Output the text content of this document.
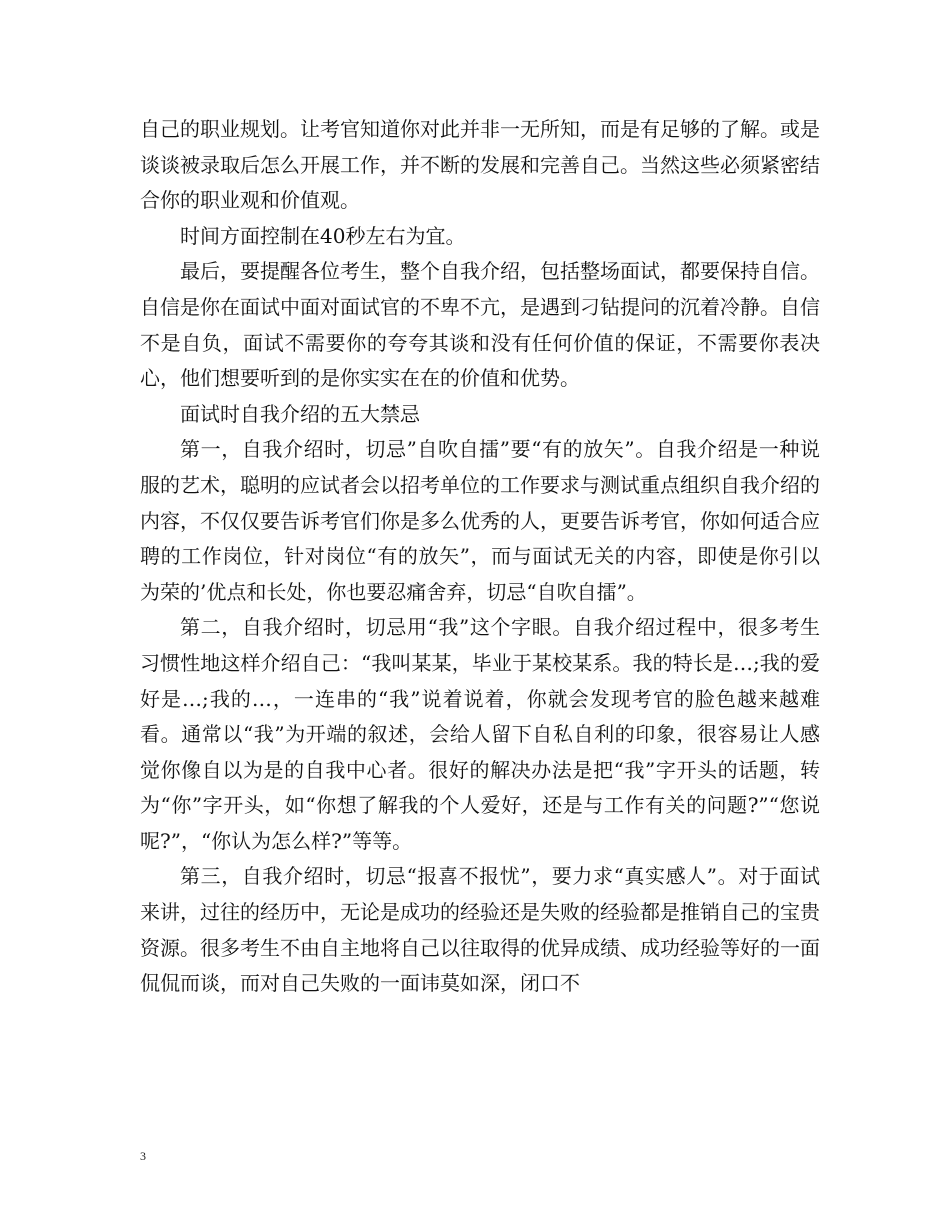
自己的职业规划。让考官知道你对此并非一无所知，而是有足够的了解。或是谈谈被录取后怎么开展工作，并不断的发展和完善自己。当然这些必须紧密结合你的职业观和价值观。

时间方面控制在40秒左右为宜。

最后，要提醒各位考生，整个自我介绍，包括整场面试，都要保持自信。自信是你在面试中面对面试官的不卑不亢，是遇到刁钻提问的沉着冷静。自信不是自负，面试不需要你的夸夸其谈和没有任何价值的保证，不需要你表决心，他们想要听到的是你实实在在的价值和优势。

面试时自我介绍的五大禁忌

第一，自我介绍时，切忌”自吹自擂”要“有的放矢”。自我介绍是一种说服的艺术，聪明的应试者会以招考单位的工作要求与测试重点组织自我介绍的内容，不仅仅要告诉考官们你是多么优秀的人，更要告诉考官，你如何适合应聘的工作岗位，针对岗位“有的放矢”，而与面试无关的内容，即使是你引以为荣的’优点和长处，你也要忍痛舍弃，切忌“自吹自擂”。

第二，自我介绍时，切忌用“我”这个字眼。自我介绍过程中，很多考生习惯性地这样介绍自己：“我叫某某，毕业于某校某系。我的特长是…;我的爱好是…;我的…，一连串的“我”说着说着，你就会发现考官的脸色越来越难看。通常以“我”为开端的叙述，会给人留下自私自利的印象，很容易让人感觉你像自以为是的自我中心者。很好的解决办法是把“我”字开头的话题，转为“你”字开头，如“你想了解我的个人爱好，还是与工作有关的问题?”“您说呢?”，“你认为怎么样?”等等。

第三，自我介绍时，切忌“报喜不报忧”，要力求“真实感人”。对于面试来讲，过往的经历中，无论是成功的经验还是失败的经验都是推销自己的宝贵资源。很多考生不由自主地将自己以往取得的优异成绩、成功经验等好的一面侃侃而谈，而对自己失败的一面讳莫如深，闭口不

3
